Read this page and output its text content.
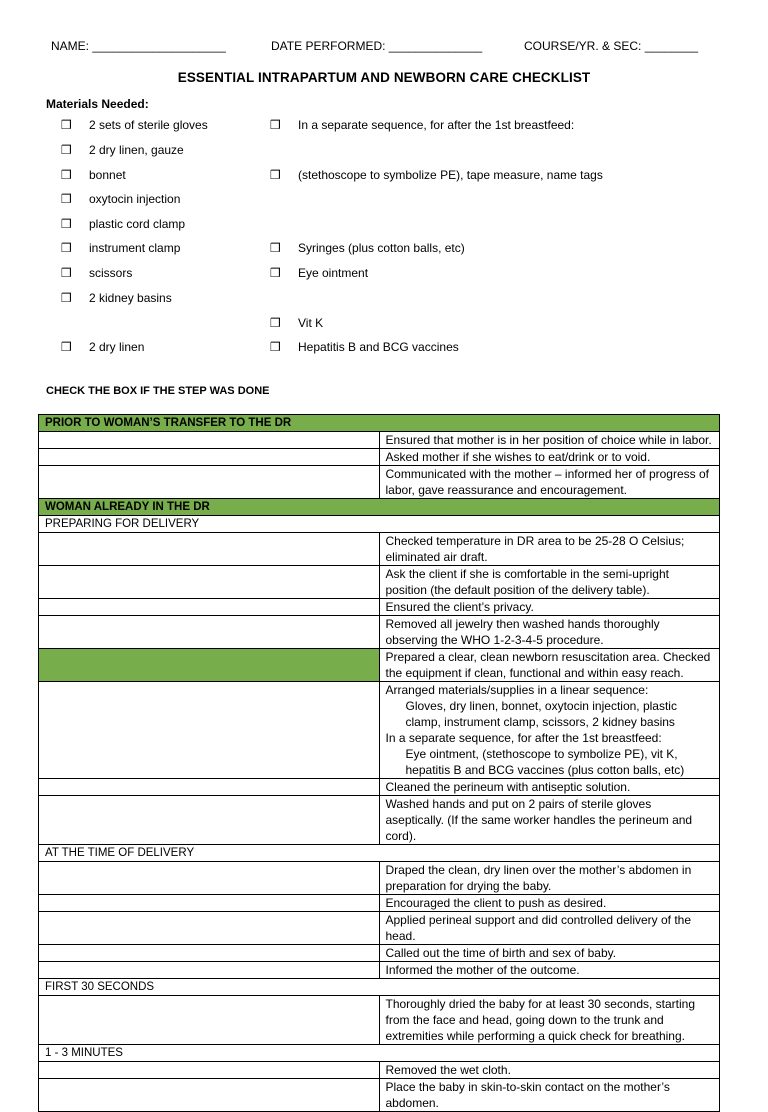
NAME: ____________________	DATE PERFORMED: ______________	COURSE/YR. & SEC: ________
ESSENTIAL INTRAPARTUM AND NEWBORN CARE CHECKLIST
Materials Needed:
❒ 2 sets of sterile gloves
❒ 2 dry linen, gauze
❒ bonnet
❒ oxytocin injection
❒ plastic cord clamp
❒ instrument clamp
❒ scissors
❒ 2 kidney basins
❒ 2 dry linen
❒ In a separate sequence, for after the 1st breastfeed:
❒ (stethoscope to symbolize PE), tape measure, name tags
❒ Syringes (plus cotton balls, etc)
❒ Eye ointment
❒ Vit K
❒ Hepatitis B and BCG vaccines
CHECK THE BOX IF THE STEP WAS DONE
PRIOR TO WOMAN’S TRANSFER TO THE DR	
	Ensured that mother is in her position of choice while in labor.
	Asked mother if she wishes to eat/drink or to void.
	Communicated with the mother – informed her of progress of labor, gave reassurance and encouragement.
WOMAN ALREADY IN THE DR	
PREPARING FOR DELIVERY	
	Checked temperature in DR area to be 25-28 O Celsius; eliminated air draft.
	Ask the client if she is comfortable in the semi-upright position (the default position of the delivery table).
	Ensured the client’s privacy.
	Removed all jewelry then washed hands thoroughly observing the WHO 1-2-3-4-5 procedure.
	Prepared a clear, clean newborn resuscitation area. Checked the equipment if clean, functional and within easy reach.

	Arranged materials/supplies in a linear sequence:
Gloves, dry linen, bonnet, oxytocin injection, plastic clamp, instrument clamp, scissors, 2 kidney basins
In a separate sequence, for after the 1st breastfeed:
Eye ointment, (stethoscope to symbolize PE), vit K, hepatitis B and BCG vaccines (plus cotton balls, etc)

	Cleaned the perineum with antiseptic solution.
	Washed hands and put on 2 pairs of sterile gloves aseptically. (If the same worker handles the perineum and cord).
AT THE TIME OF DELIVERY	
	Draped the clean, dry linen over the mother’s abdomen in preparation for drying the baby.
	Encouraged the client to push as desired.
	Applied perineal support and did controlled delivery of the head.
	Called out the time of birth and sex of baby.
	Informed the mother of the outcome.
FIRST 30 SECONDS	
	Thoroughly dried the baby for at least 30 seconds, starting from the face and head, going down to the trunk and extremities while performing a quick check for breathing.
1 - 3 MINUTES	
	Removed the wet cloth.
	Place the baby in skin-to-skin contact on the mother’s abdomen.
